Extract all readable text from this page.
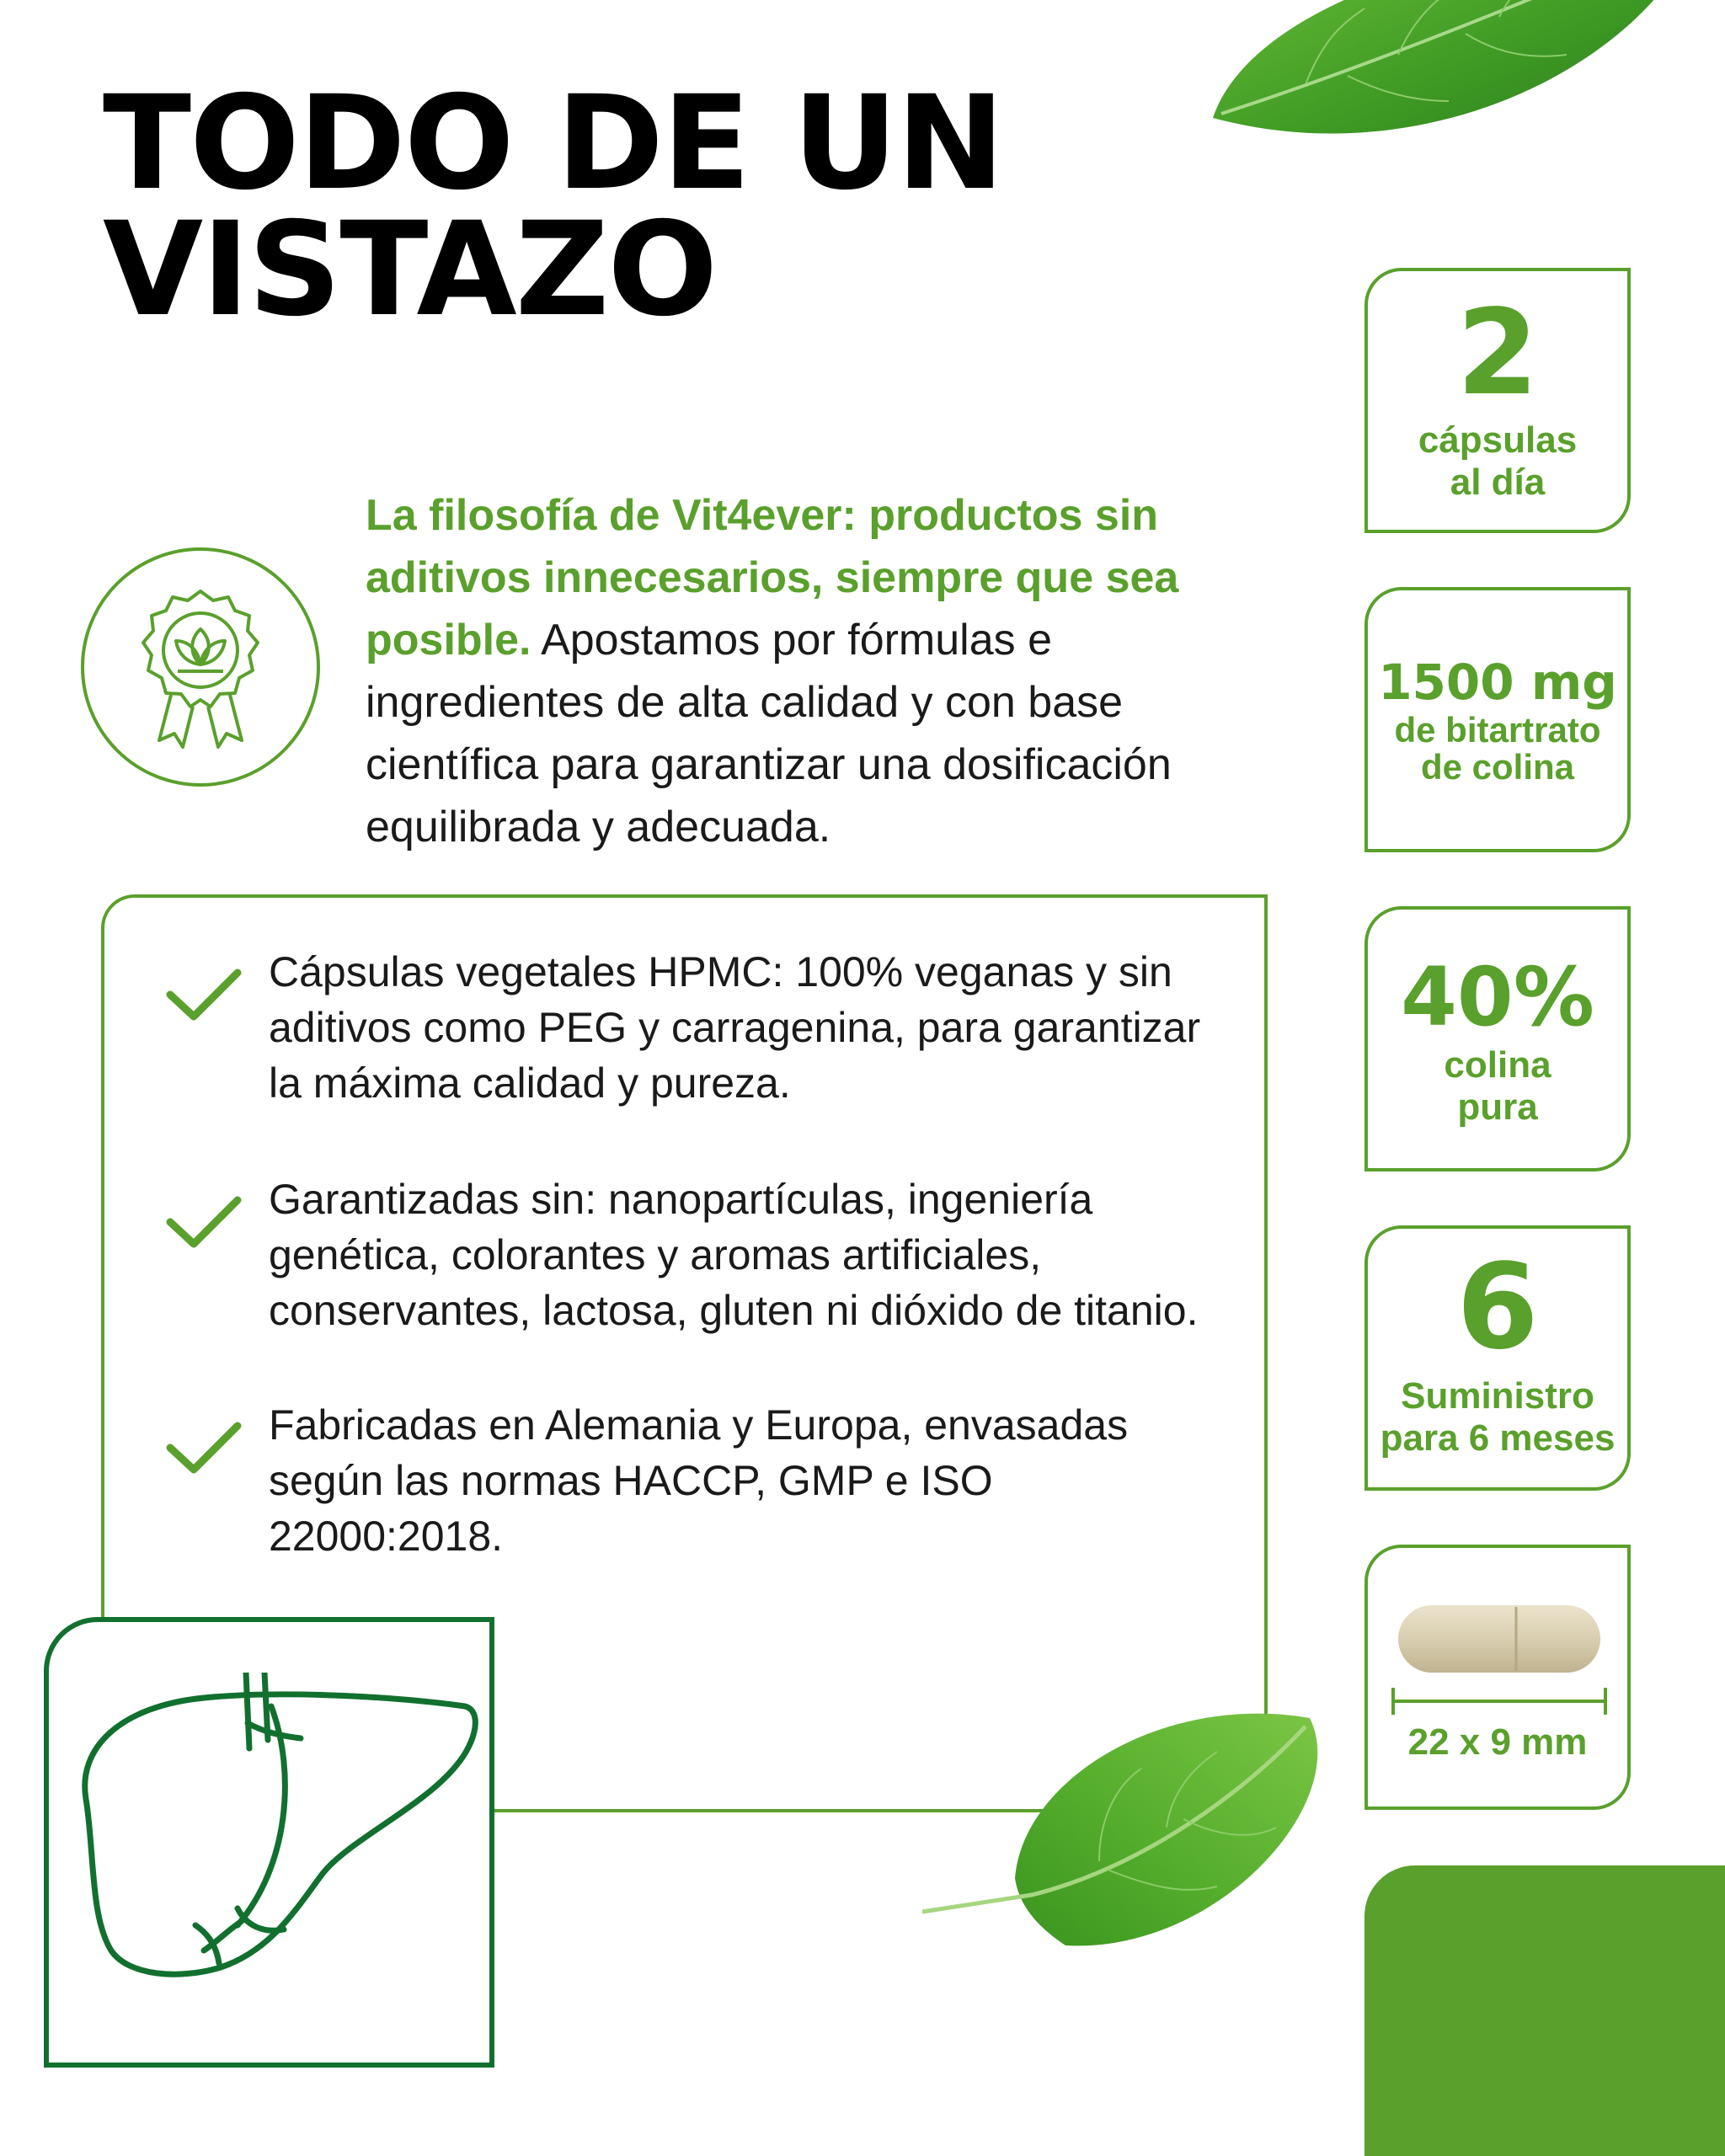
TODO DE UN
VISTAZO

La filosofía de Vit4ever: productos sin aditivos innecesarios, siempre que sea posible. Apostamos por fórmulas e ingredientes de alta calidad y con base científica para garantizar una dosificación equilibrada y adecuada.

Cápsulas vegetales HPMC: 100% veganas y sin aditivos como PEG y carragenina, para garantizar la máxima calidad y pureza.

Garantizadas sin: nanopartículas, ingeniería genética, colorantes y aromas artificiales, conservantes, lactosa, gluten ni dióxido de titanio.

Fabricadas en Alemania y Europa, envasadas según las normas HACCP, GMP e ISO 22000:2018.

2
cápsulas
al día
1500 mg
de bitartrato
de colina
40%
colina
pura
6
Suministro
para 6 meses
22 x 9 mm
